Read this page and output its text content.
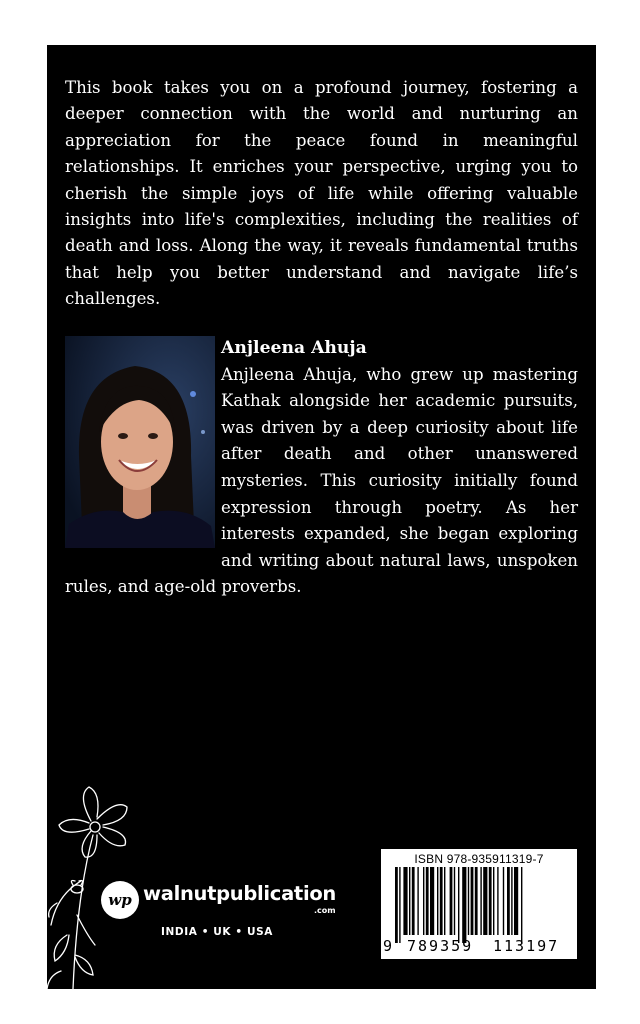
This book takes you on a profound journey, fostering a deeper connection with the world and nurturing an appreciation for the peace found in meaningful relationships. It enriches your perspective, urging you to cherish the simple joys of life while offering valuable insights into life's complexities, including the realities of death and loss. Along the way, it reveals fundamental truths that help you better understand and navigate life’s challenges.

Anjleena Ahuja
Anjleena Ahuja, who grew up mastering Kathak alongside her academic pursuits, was driven by a deep curiosity about life after death and other unanswered mysteries. This curiosity initially found expression through poetry. As her interests expanded, she began exploring and writing about natural laws, unspoken rules, and age-old proverbs.
wp walnutpublication
.com
INDIA • UK • USA
ISBN 978-935911319-7
9 789359 113197
